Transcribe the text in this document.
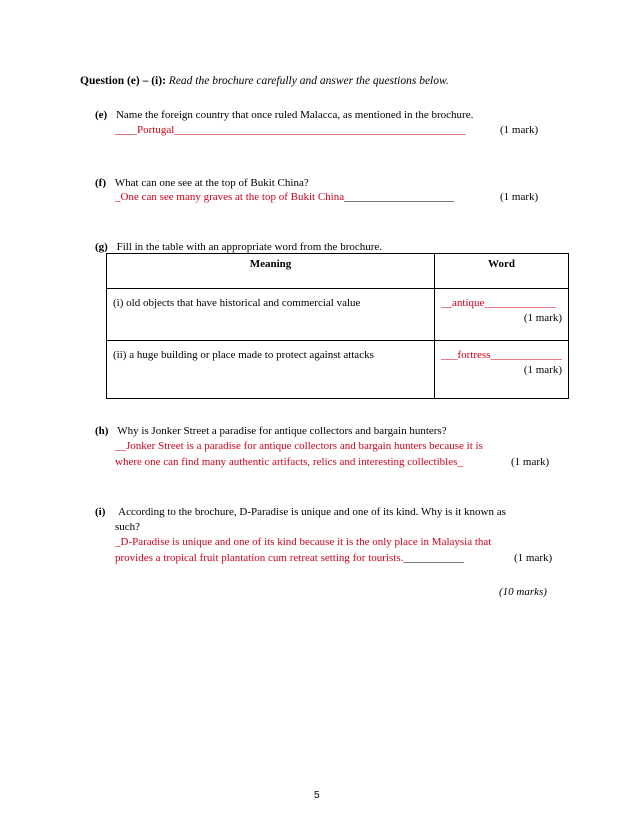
Question (e) – (i): Read the brochure carefully and answer the questions below.
(e) Name the foreign country that once ruled Malacca, as mentioned in the brochure.
____Portugal_____________________________________________________	(1 mark)
(f) What can one see at the top of Bukit China?
_One can see many graves at the top of Bukit China____________________	(1 mark)
(g) Fill in the table with an appropriate word from the brochure.
Meaning	Word
(i) old objects that have historical and commercial value	__antique_____________
(1 mark)

(ii) a huge building or place made to protect against attacks	___fortress_____________
(1 mark)
(h) Why is Jonker Street a paradise for antique collectors and bargain hunters?
__Jonker Street is a paradise for antique collectors and bargain hunters because it is
where one can find many authentic artifacts, relics and interesting collectibles_	(1 mark)
(i) According to the brochure, D-Paradise is unique and one of its kind. Why is it known as
such?
_D-Paradise is unique and one of its kind because it is the only place in Malaysia that
provides a tropical fruit plantation cum retreat setting for tourists.___________	(1 mark)
(10 marks)
5
